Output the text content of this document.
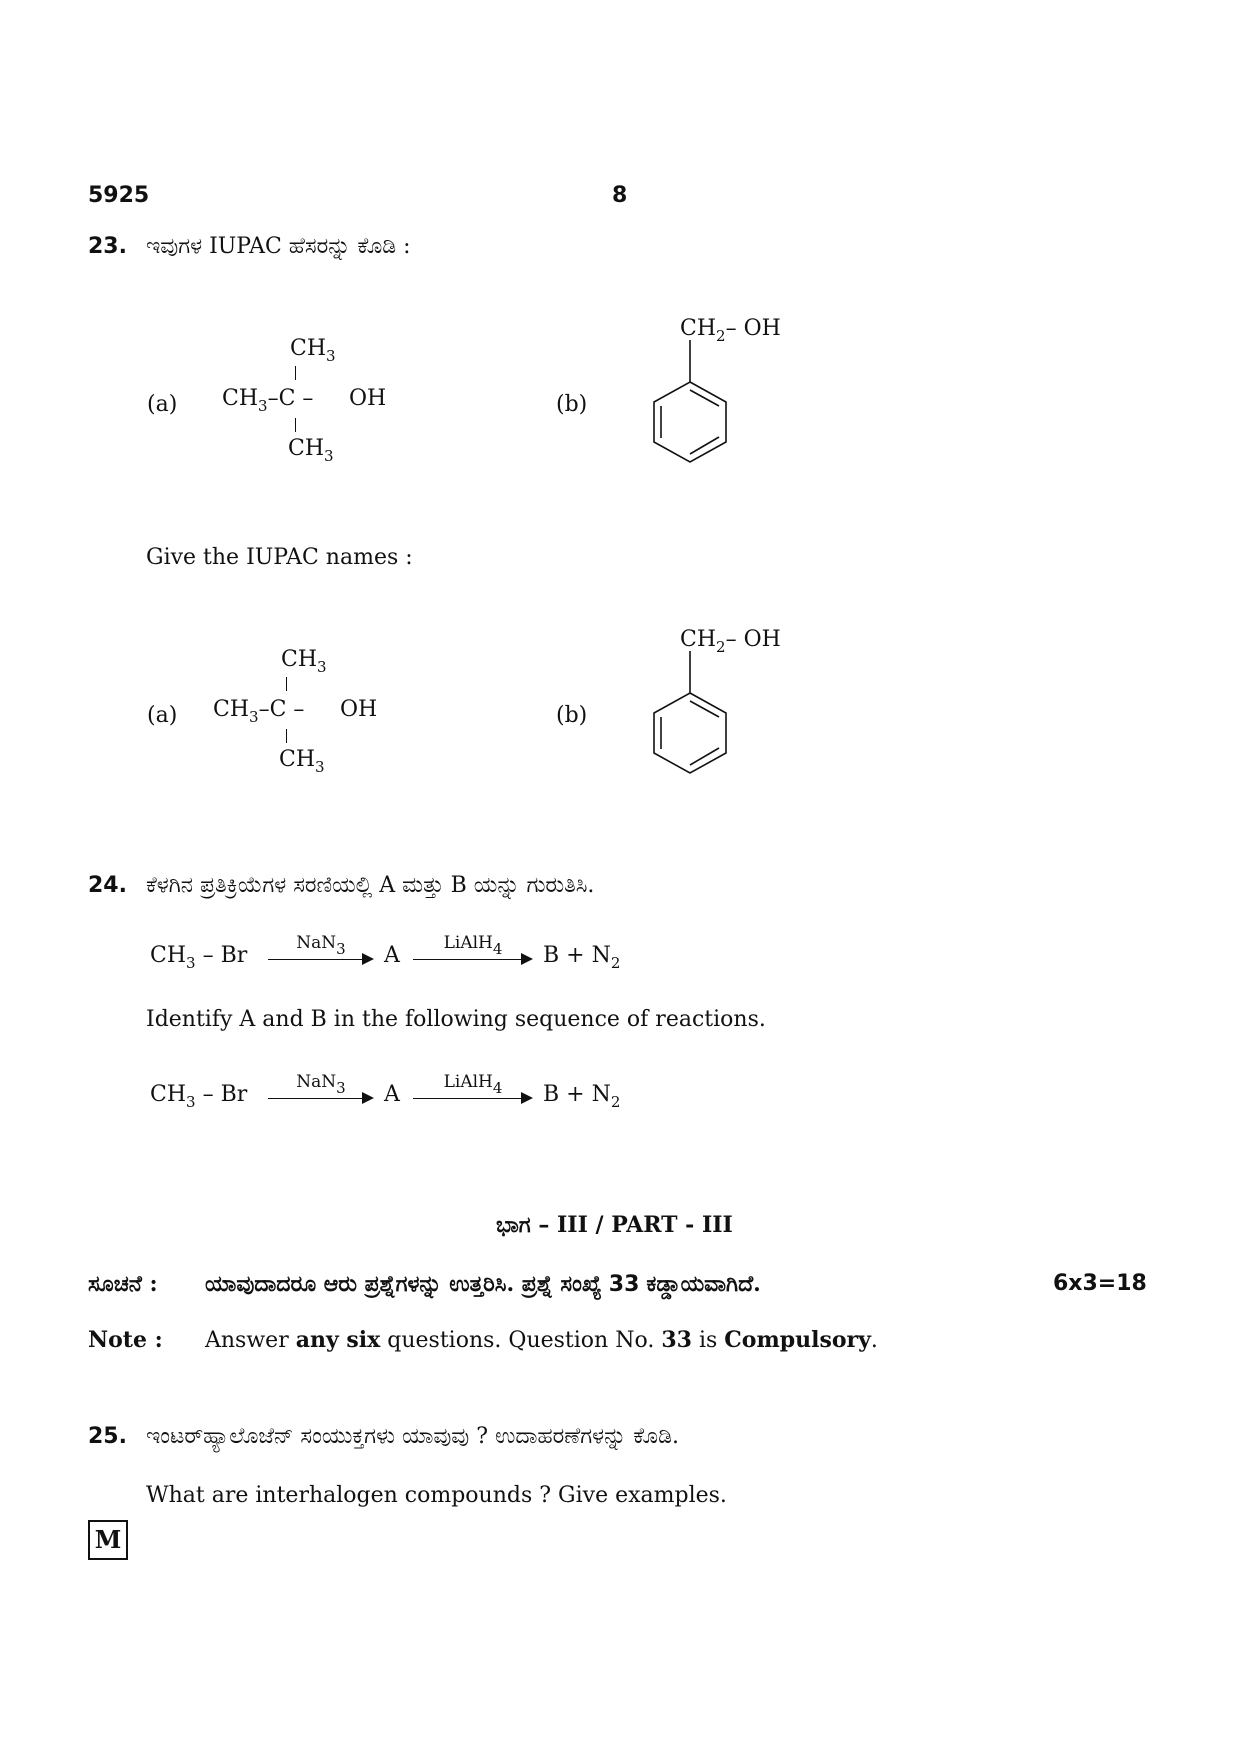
5925	8
23. ಇವುಗಳ IUPAC ಹೆಸರನ್ನು ಕೊಡಿ :
(a)
$CH_3$
$CH_3-C$ – OH
$CH_3$
(b)
$CH_2-$ OH
Give the IUPAC names :
(a)
$CH_3$
$CH_3-C$ – OH
$CH_3$
(b)
$CH_2-$ OH
24. ಕೆಳಗಿನ ಪ್ರತಿಕ್ರಿಯೆಗಳ ಸರಣಿಯಲ್ಲಿ A ಮತ್ತು B ಯನ್ನು ಗುರುತಿಸಿ.
$CH_3$ – Br	NaN$_3$	A	LiAlH$_4$	$B + N_2$
Identify A and B in the following sequence of reactions.
$CH_3$ – Br	NaN$_3$	A	LiAlH$_4$	$B + N_2$
ಭಾಗ – III / PART - III
ಸೂಚನೆ : ಯಾವುದಾದರೂ ಆರು ಪ್ರಶ್ನೆಗಳನ್ನು ಉತ್ತರಿಸಿ. ಪ್ರಶ್ನೆ ಸಂಖ್ಯೆ 33 ಕಡ್ಡಾಯವಾಗಿದೆ.	6x3=18
Note : Answer any six questions. Question No. 33 is Compulsory.
25. ಇಂಟರ್‌ಹ್ಯಾಲೊಜೆನ್ ಸಂಯುಕ್ತಗಳು ಯಾವುವು ? ಉದಾಹರಣೆಗಳನ್ನು ಕೊಡಿ.
What are interhalogen compounds ? Give examples.
M
